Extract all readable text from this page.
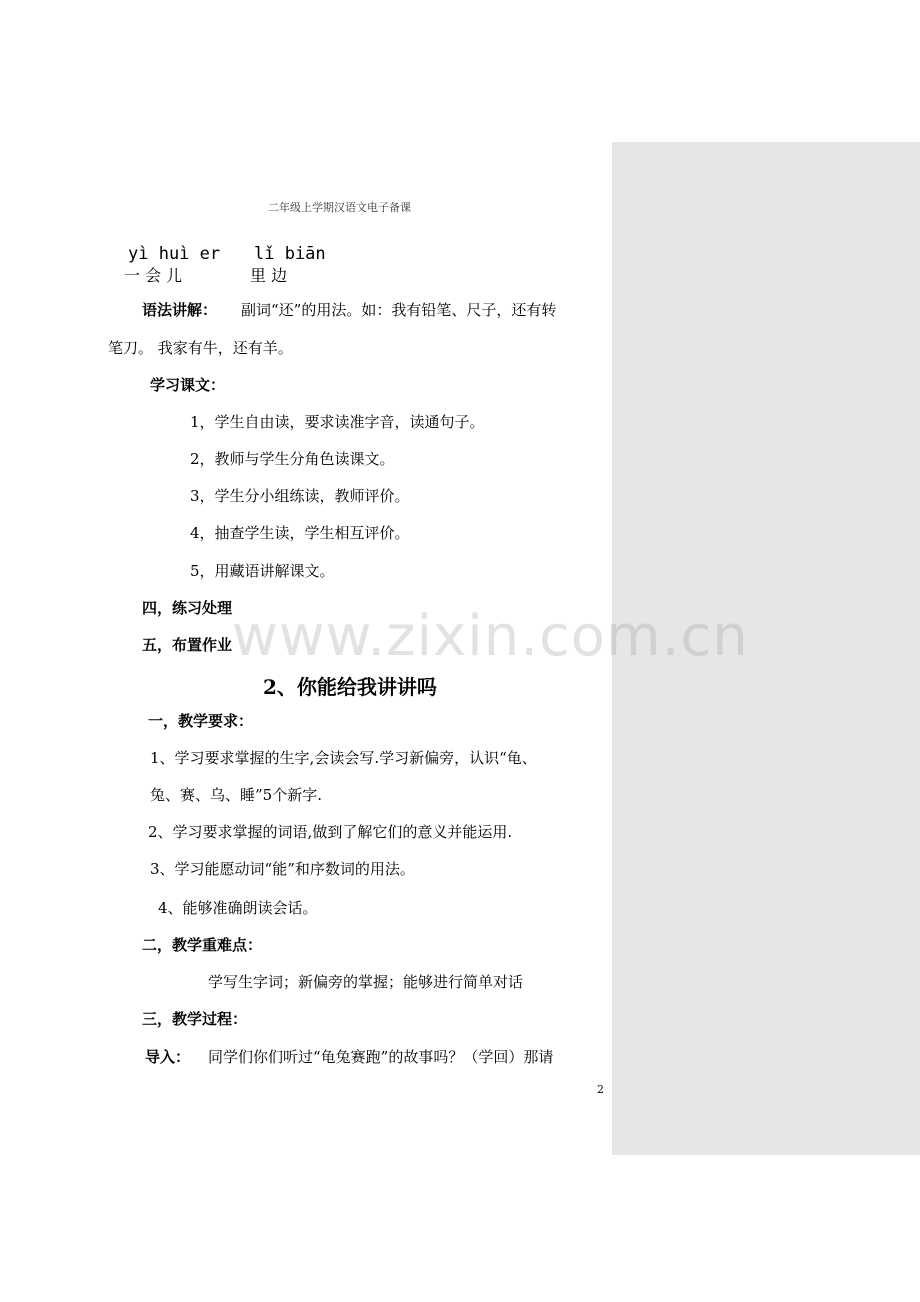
二年级上学期汉语文电子备课
yì huì er lǐ biān
一 会 儿	里 边
语法讲解： 副词“还”的用法。如：我有铅笔、尺子，还有转
笔刀。 我家有牛，还有羊。
学习课文：
1，学生自由读，要求读准字音，读通句子。
2，教师与学生分角色读课文。
3，学生分小组练读，教师评价。
4，抽查学生读，学生相互评价。
5，用藏语讲解课文。
四，练习处理
五，布置作业 www.zixin.com.cn
2、你能给我讲讲吗
一，教学要求：
1、学习要求掌握的生字,会读会写.学习新偏旁，认识“龟、
兔、赛、乌、睡”5个新字.
2、学习要求掌握的词语,做到了解它们的意义并能运用.
3、学习能愿动词“能”和序数词的用法。
4、能够准确朗读会话。
二，教学重难点：
学写生字词；新偏旁的掌握；能够进行简单对话
三，教学过程：
导入： 同学们你们听过“龟兔赛跑”的故事吗？（学回）那请
2
